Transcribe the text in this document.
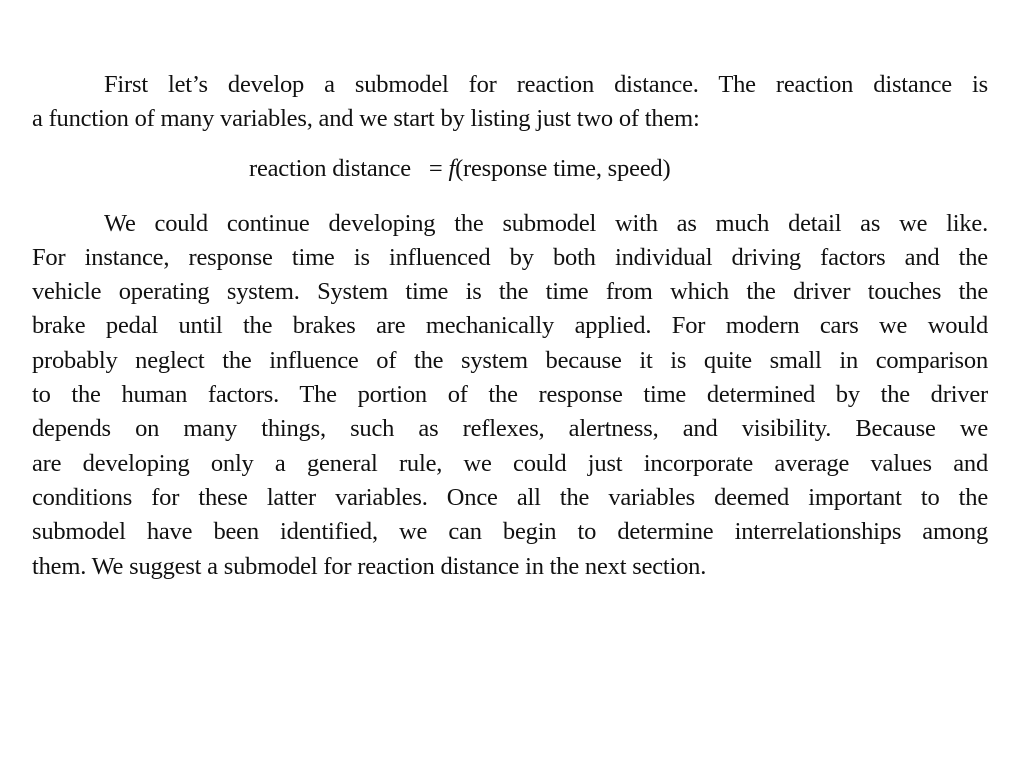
First let’s develop a submodel for reaction distance. The reaction distance is
a function of many variables, and we start by listing just two of them:
reaction distance = f(response time, speed)
We could continue developing the submodel with as much detail as we like.
For instance, response time is influenced by both individual driving factors and the
vehicle operating system. System time is the time from which the driver touches the
brake pedal until the brakes are mechanically applied. For modern cars we would
probably neglect the influence of the system because it is quite small in comparison
to the human factors. The portion of the response time determined by the driver
depends on many things, such as reflexes, alertness, and visibility. Because we
are developing only a general rule, we could just incorporate average values and
conditions for these latter variables. Once all the variables deemed important to the
submodel have been identified, we can begin to determine interrelationships among
them. We suggest a submodel for reaction distance in the next section.
